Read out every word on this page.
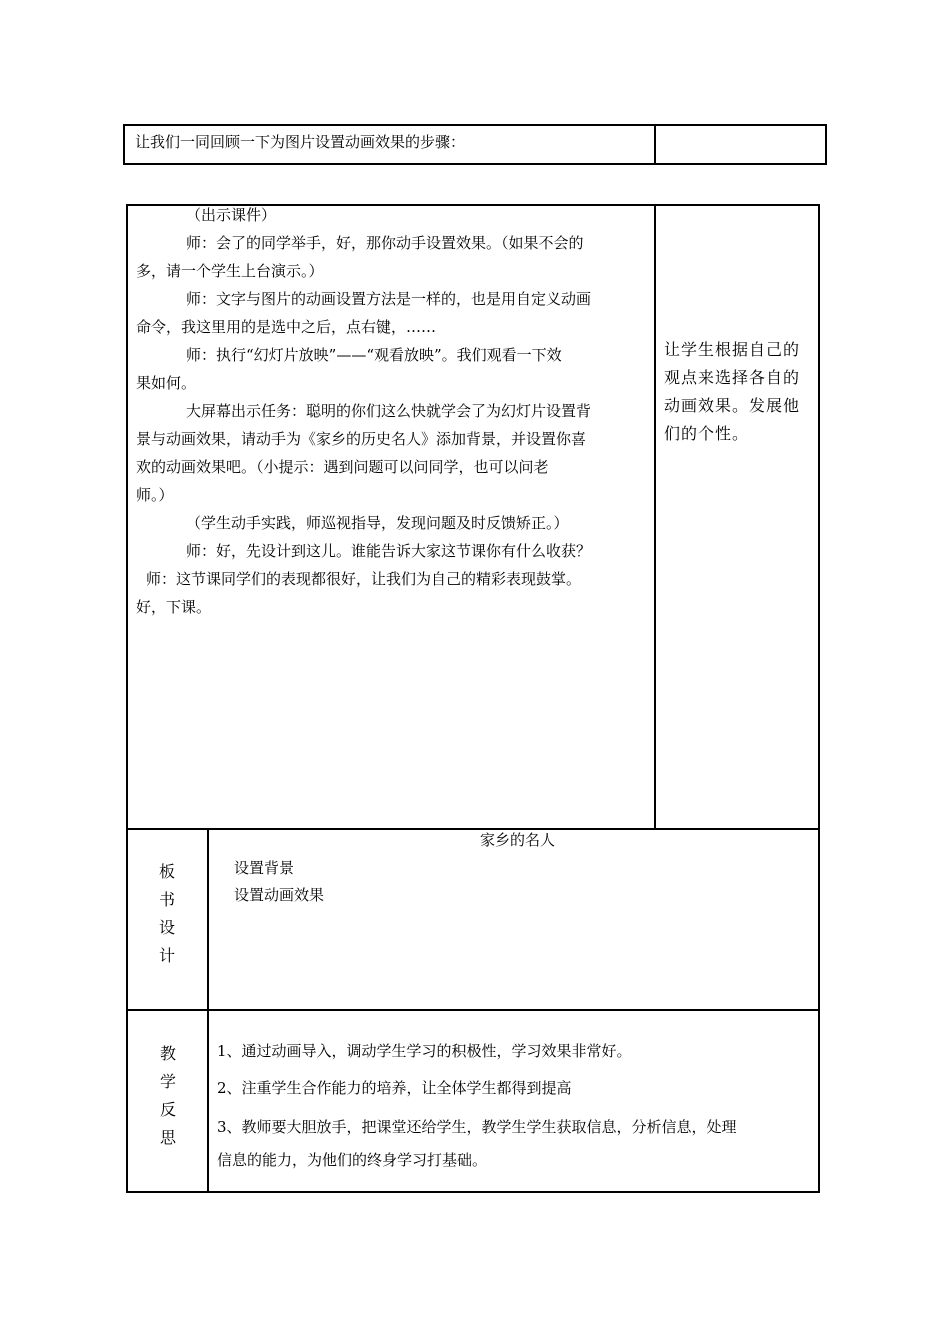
让我们一同回顾一下为图片设置动画效果的步骤：
（出示课件）
师：会了的同学举手，好，那你动手设置效果。（如果不会的
多，请一个学生上台演示。）
师：文字与图片的动画设置方法是一样的，也是用自定义动画
命令，我这里用的是选中之后，点右键，……
师：执行“幻灯片放映”——“观看放映”。我们观看一下效
果如何。
大屏幕出示任务：聪明的你们这么快就学会了为幻灯片设置背
景与动画效果，请动手为《家乡的历史名人》添加背景，并设置你喜
欢的动画效果吧。（小提示：遇到问题可以问同学，也可以问老
师。）
（学生动手实践，师巡视指导，发现问题及时反馈矫正。）
师：好，先设计到这儿。谁能告诉大家这节课你有什么收获？
师：这节课同学们的表现都很好，让我们为自己的精彩表现鼓掌。
好，下课。
让学生根据自己的
观点来选择各自的
动画效果。发展他
们的个性。
板
书
设
计
家乡的名人
设置背景
设置动画效果
教
学
反
思
1、通过动画导入，调动学生学习的积极性，学习效果非常好。
2、注重学生合作能力的培养，让全体学生都得到提高
3、教师要大胆放手，把课堂还给学生，教学生学生获取信息，分析信息，处理
信息的能力，为他们的终身学习打基础。
